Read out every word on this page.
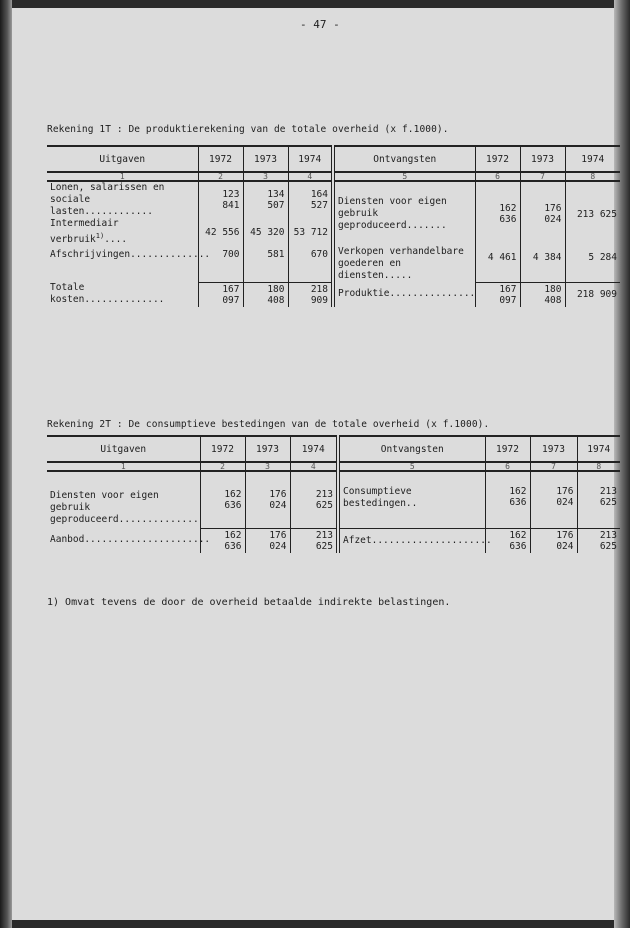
- 47 -
Rekening 1T : De produktierekening van de totale overheid (x f.1000).
Uitgaven	1972	1973	1974	Ontvangsten	1972	1973	1974
1	2	3	4	5	6	7	8
Lonen, salarissen en sociale lasten............	123 841	134 507	164 527	Diensten voor eigen gebruik geproduceerd.......	162 636	176 024	213 625
Intermediair verbruik$^{1)}$....	42 556	45 320	53 712				
Afschrijvingen..............	700	581	670	Verkopen verhandelbare goederen en diensten.....	4 461	4 384	5 284
Totale kosten..............	167 097	180 408	218 909	Produktie...............	167 097	180 408	218 909
Rekening 2T : De consumptieve bestedingen van de totale overheid (x f.1000).
Uitgaven	1972	1973	1974	Ontvangsten	1972	1973	1974
1	2	3	4	5	6	7	8
Diensten voor eigen gebruik geproduceerd..............	162 636	176 024	213 625	Consumptieve bestedingen..	162 636	176 024	213 625
Aanbod......................	162 636	176 024	213 625	Afzet.....................	162 636	176 024	213 625
1) Omvat tevens de door de overheid betaalde indirekte belastingen.
